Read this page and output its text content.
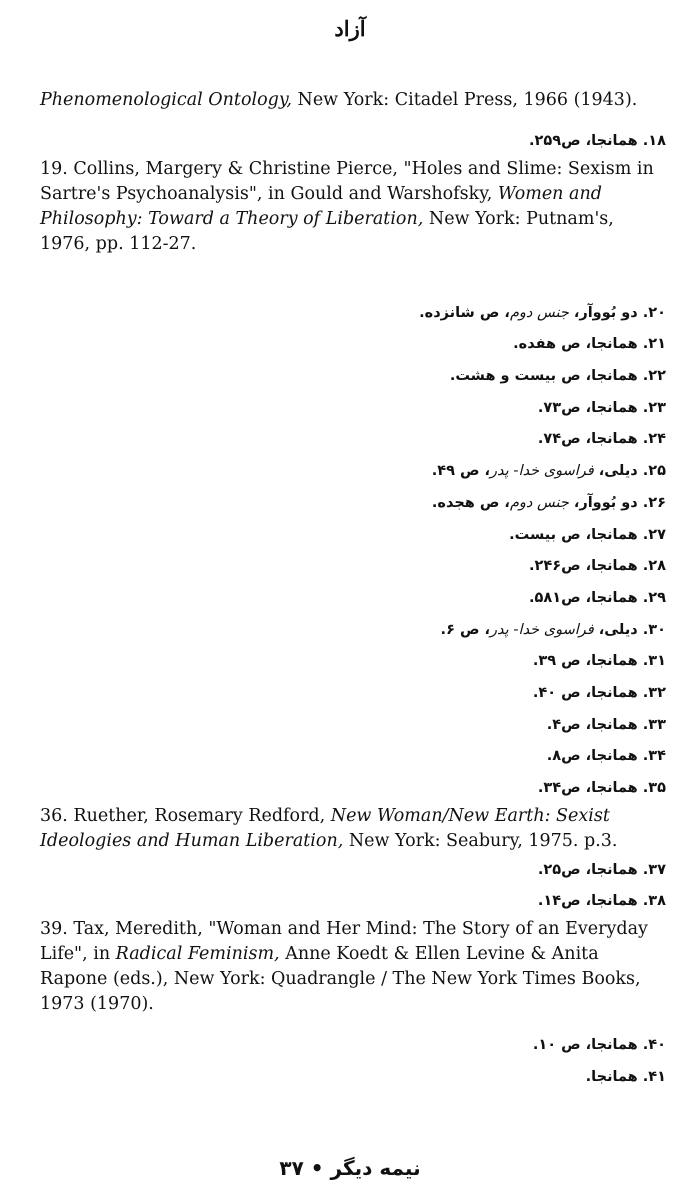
آزاد

Phenomenological Ontology, New York: Citadel Press, 1966 (1943).

۱۸. همانجا، ص۲۵۹.

19. Collins, Margery & Christine Pierce, "Holes and Slime: Sexism in Sartre's Psychoanalysis", in Gould and Warshofsky, Women and Philosophy: Toward a Theory of Liberation, New York: Putnam's, 1976, pp. 112-27.

۲۰. دو بُووآر، جنس دوم، ص شانزده.

۲۱. همانجا، ص هفده.

۲۲. همانجا، ص بیست و هشت.

۲۳. همانجا، ص۷۳.

۲۴. همانجا، ص۷۴.

۲۵. دیلی، فراسوی خدا- پدر، ص ۴۹.

۲۶. دو بُووآر، جنس دوم، ص هجده.

۲۷. همانجا، ص بیست.

۲۸. همانجا، ص۲۴۶.

۲۹. همانجا، ص۵۸۱.

۳۰. دیلی، فراسوی خدا- پدر، ص ۶.

۳۱. همانجا، ص ۳۹.

۳۲. همانجا، ص ۴۰.

۳۳. همانجا، ص۴.

۳۴. همانجا، ص۸.

۳۵. همانجا، ص۳۴.

36. Ruether, Rosemary Redford, New Woman/New Earth: Sexist Ideologies and Human Liberation, New York: Seabury, 1975. p.3.

۳۷. همانجا، ص۲۵.

۳۸. همانجا، ص۱۴.

39. Tax, Meredith, "Woman and Her Mind: The Story of an Everyday Life", in Radical Feminism, Anne Koedt & Ellen Levine & Anita Rapone (eds.), New York: Quadrangle / The New York Times Books, 1973 (1970).

۴۰. همانجا، ص ۱۰.

۴۱. همانجا.

نیمه دیگر • ۳۷
